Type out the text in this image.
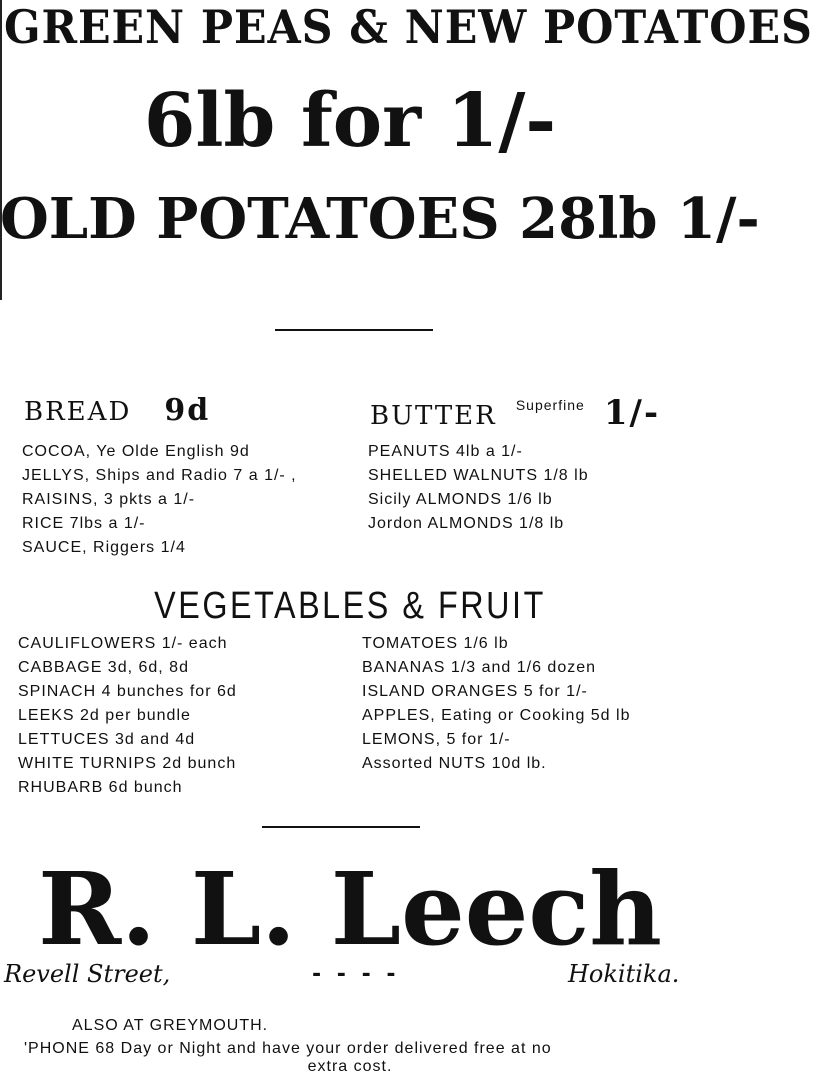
GREEN PEAS & NEW POTATOES
6lb for 1/-
OLD POTATOES 28lb 1/-
BREAD 9d	BUTTER Superfine 1/-
COCOA, Ye Olde English 9d
JELLYS, Ships and Radio 7 a 1/- ,
RAISINS, 3 pkts a 1/-
RICE 7lbs a 1/-
SAUCE, Riggers 1/4
PEANUTS 4lb a 1/-
SHELLED WALNUTS 1/8 lb
Sicily ALMONDS 1/6 lb
Jordon ALMONDS 1/8 lb
VEGETABLES & FRUIT
CAULIFLOWERS 1/- each
CABBAGE 3d, 6d, 8d
SPINACH 4 bunches for 6d
LEEKS 2d per bundle
LETTUCES 3d and 4d
WHITE TURNIPS 2d bunch
RHUBARB 6d bunch
TOMATOES 1/6 lb
BANANAS 1/3 and 1/6 dozen
ISLAND ORANGES 5 for 1/-
APPLES, Eating or Cooking 5d lb
LEMONS, 5 for 1/-
Assorted NUTS 10d lb.
R. L. Leech
Revell Street,	- - - -	Hokitika.
ALSO AT GREYMOUTH.
'PHONE 68 Day or Night and have your order delivered free at no
extra cost.
